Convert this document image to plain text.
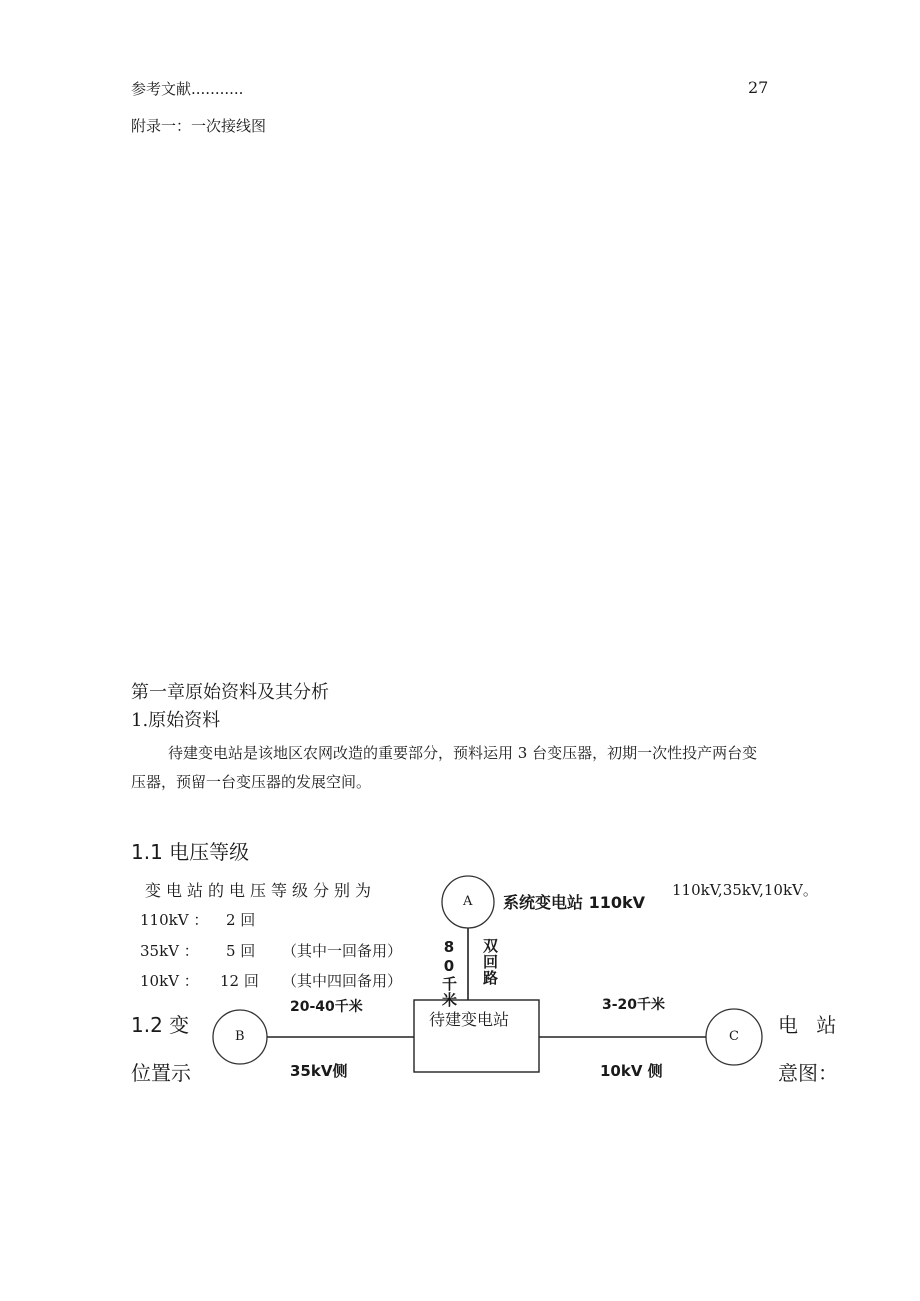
参考文献...........	27
附录一：一次接线图
第一章原始资料及其分析
1.原始资料
待建变电站是该地区农网改造的重要部分，预料运用 3 台变压器，初期一次性投产两台变
压器，预留一台变压器的发展空间。
1.1 电压等级
变电站的电压等级分别为	110kV,35kV,10kV。
110kV ： 2 回
35kV ： 5 回 （其中一回备用）
10kV ： 12 回 （其中四回备用）
1.2 变
位置示
电 站
意图：
A
B	C
系统变电站 110kV
待建变电站
80千米 双回路
20-40千米	3-20千米
35kV侧	10kV 侧
